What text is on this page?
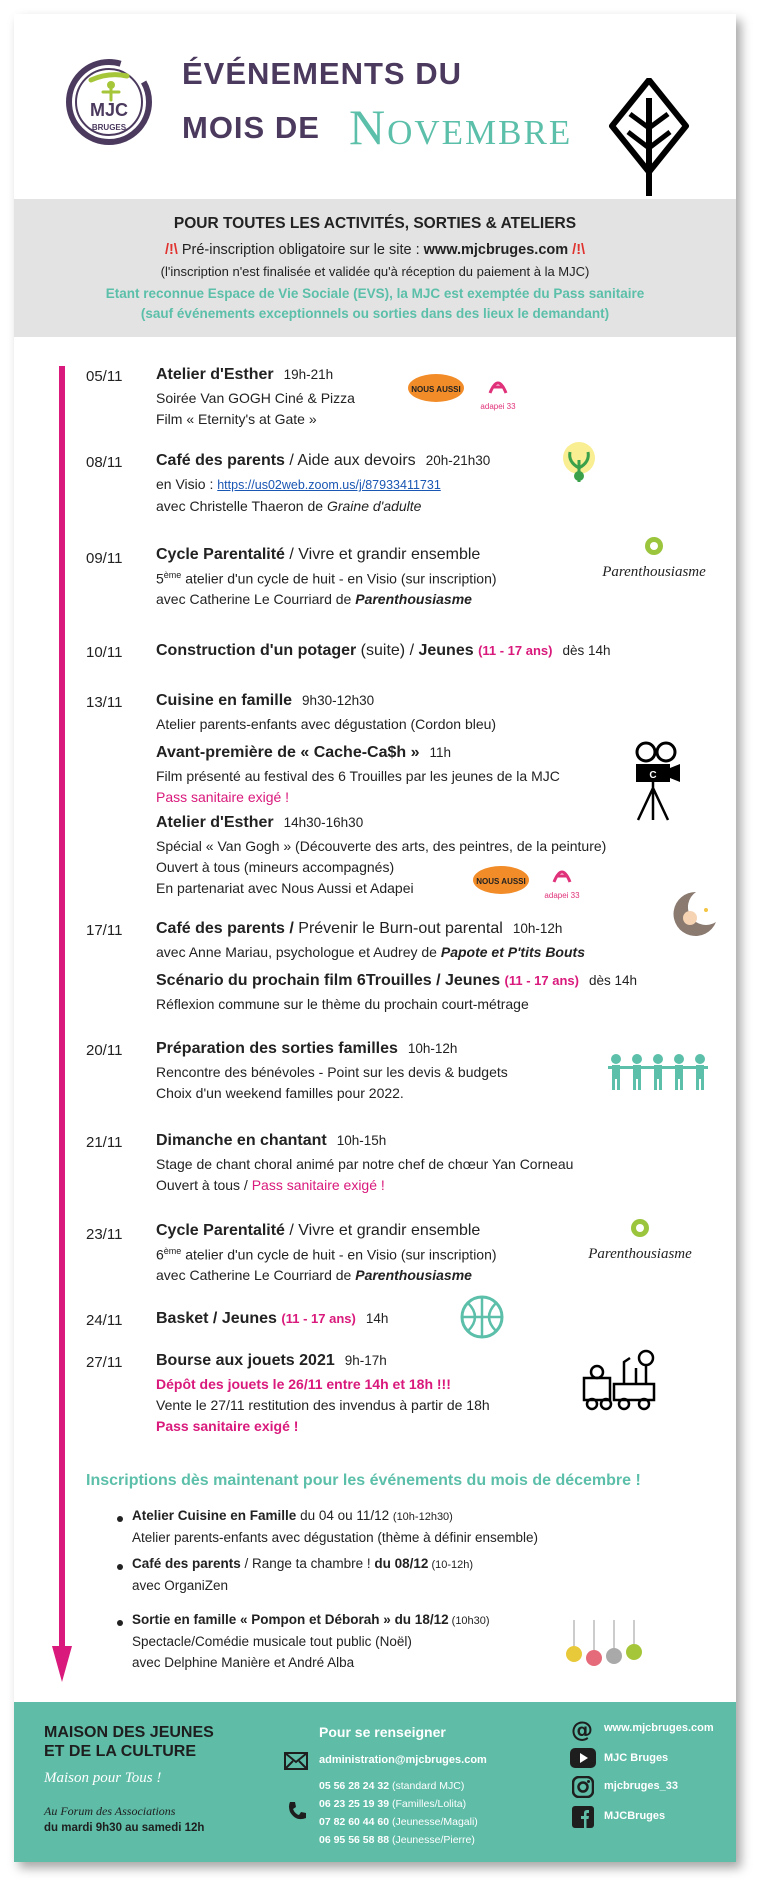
MJC
BRUGES
ÉVÉNEMENTS DU
MOIS DE Novembre
POUR TOUTES LES ACTIVITÉS, SORTIES & ATELIERS
/!\ Pré-inscription obligatoire sur le site : www.mjcbruges.com /!\
(l'inscription n'est finalisée et validée qu'à réception du paiement à la MJC)
Etant reconnue Espace de Vie Sociale (EVS), la MJC est exemptée du Pass sanitaire
(sauf événements exceptionnels ou sorties dans des lieux le demandant)
05/11 Atelier d'Esther 19h-21h
Soirée Van GOGH Ciné & Pizza
Film « Eternity's at Gate »
NOUS AUSSI
adapei 33
08/11 Café des parents / Aide aux devoirs 20h-21h30
en Visio : https://us02web.zoom.us/j/87933411731
avec Christelle Thaeron de Graine d'adulte
09/11 Cycle Parentalité / Vivre et grandir ensemble
5ème atelier d'un cycle de huit - en Visio (sur inscription)
avec Catherine Le Courriard de Parenthousiasme
Parenthousiasme
10/11 Construction d'un potager (suite) / Jeunes (11 - 17 ans) dès 14h
13/11 Cuisine en famille 9h30-12h30
Atelier parents-enfants avec dégustation (Cordon bleu)
Avant-première de « Cache-Ca$h » 11h
Film présenté au festival des 6 Trouilles par les jeunes de la MJC
Pass sanitaire exigé !
C
Atelier d'Esther 14h30-16h30
Spécial « Van Gogh » (Découverte des arts, des peintres, de la peinture)
Ouvert à tous (mineurs accompagnés)
En partenariat avec Nous Aussi et Adapei	NOUS AUSSI
adapei 33
17/11 Café des parents / Prévenir le Burn-out parental 10h-12h
avec Anne Mariau, psychologue et Audrey de Papote et P'tits Bouts
Scénario du prochain film 6Trouilles / Jeunes (11 - 17 ans) dès 14h
Réflexion commune sur le thème du prochain court-métrage
20/11 Préparation des sorties familles 10h-12h
Rencontre des bénévoles - Point sur les devis & budgets
Choix d'un weekend familles pour 2022.
21/11 Dimanche en chantant 10h-15h
Stage de chant choral animé par notre chef de chœur Yan Corneau
Ouvert à tous / Pass sanitaire exigé !
23/11 Cycle Parentalité / Vivre et grandir ensemble
6ème atelier d'un cycle de huit - en Visio (sur inscription)
avec Catherine Le Courriard de Parenthousiasme
Parenthousiasme
24/11 Basket / Jeunes (11 - 17 ans) 14h
27/11 Bourse aux jouets 2021 9h-17h
Dépôt des jouets le 26/11 entre 14h et 18h !!!
Vente le 27/11 restitution des invendus à partir de 18h
Pass sanitaire exigé !
Inscriptions dès maintenant pour les événements du mois de décembre !
Atelier Cuisine en Famille du 04 ou 11/12 (10h-12h30)
Atelier parents-enfants avec dégustation (thème à définir ensemble)
Café des parents / Range ta chambre ! du 08/12 (10-12h)
avec OrganiZen
Sortie en famille « Pompon et Déborah » du 18/12 (10h30)
Spectacle/Comédie musicale tout public (Noël)
avec Delphine Manière et André Alba
MAISON DES JEUNES
ET DE LA CULTURE
Maison pour Tous !
Au Forum des Associations
du mardi 9h30 au samedi 12h
Pour se renseigner
administration@mjcbruges.com
05 56 28 24 32 (standard MJC)
06 23 25 19 39 (Familles/Lolita)
07 82 60 44 60 (Jeunesse/Magali)
06 95 56 58 88 (Jeunesse/Pierre)
@ www.mjcbruges.com
MJC Bruges
mjcbruges_33
MJCBruges
